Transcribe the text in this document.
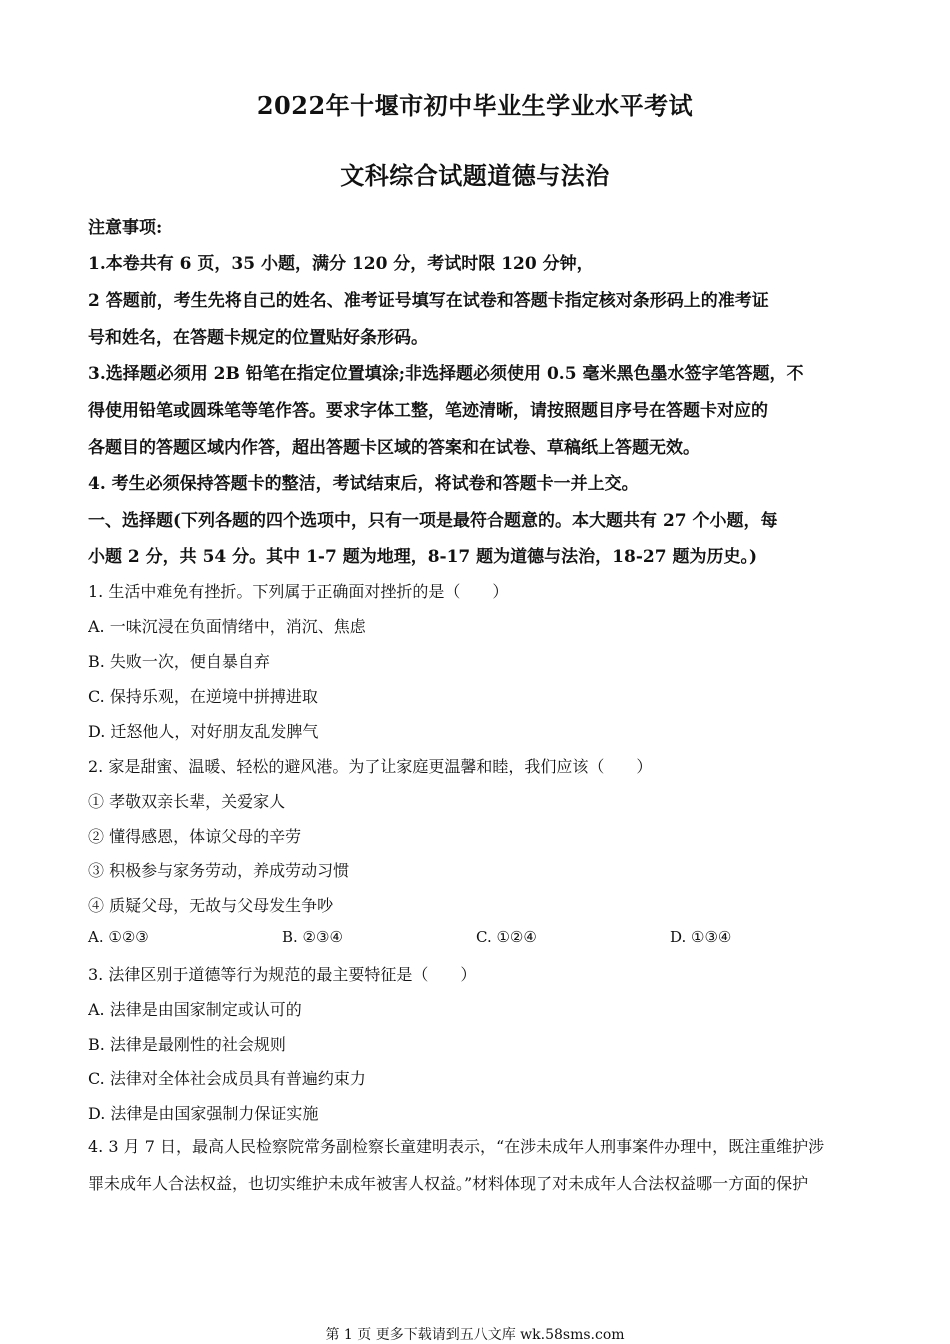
2022年十堰市初中毕业生学业水平考试
文科综合试题道德与法治
注意事项:
1.本卷共有 6 页，35 小题，满分 120 分，考试时限 120 分钟，
2 答题前，考生先将自己的姓名、准考证号填写在试卷和答题卡指定核对条形码上的准考证
号和姓名，在答题卡规定的位置贴好条形码。
3.选择题必须用 2B 铅笔在指定位置填涂;非选择题必须使用 0.5 毫米黑色墨水签字笔答题，不
得使用铅笔或圆珠笔等笔作答。要求字体工整，笔迹清晰，请按照题目序号在答题卡对应的
各题目的答题区域内作答，超出答题卡区域的答案和在试卷、草稿纸上答题无效。
4. 考生必须保持答题卡的整洁，考试结束后，将试卷和答题卡一并上交。
一、选择题(下列各题的四个选项中，只有一项是最符合题意的。本大题共有 27 个小题，每
小题 2 分，共 54 分。其中 1-7 题为地理，8-17 题为道德与法治，18-27 题为历史。)
1. 生活中难免有挫折。下列属于正确面对挫折的是（　　）
A. 一味沉浸在负面情绪中，消沉、焦虑
B. 失败一次，便自暴自弃
C. 保持乐观，在逆境中拼搏进取
D. 迁怒他人，对好朋友乱发脾气
2. 家是甜蜜、温暖、轻松的避风港。为了让家庭更温馨和睦，我们应该（　　）
① 孝敬双亲长辈，关爱家人
② 懂得感恩，体谅父母的辛劳
③ 积极参与家务劳动，养成劳动习惯
④ 质疑父母，无故与父母发生争吵
A. ①②③	B. ②③④	C. ①②④	D. ①③④
3. 法律区别于道德等行为规范的最主要特征是（　　）
A. 法律是由国家制定或认可的
B. 法律是最刚性的社会规则
C. 法律对全体社会成员具有普遍约束力
D. 法律是由国家强制力保证实施
4. 3 月 7 日，最高人民检察院常务副检察长童建明表示，“在涉未成年人刑事案件办理中，既注重维护涉
罪未成年人合法权益，也切实维护未成年被害人权益。”材料体现了对未成年人合法权益哪一方面的保护
第 1 页 更多下载请到五八文库 wk.58sms.com
